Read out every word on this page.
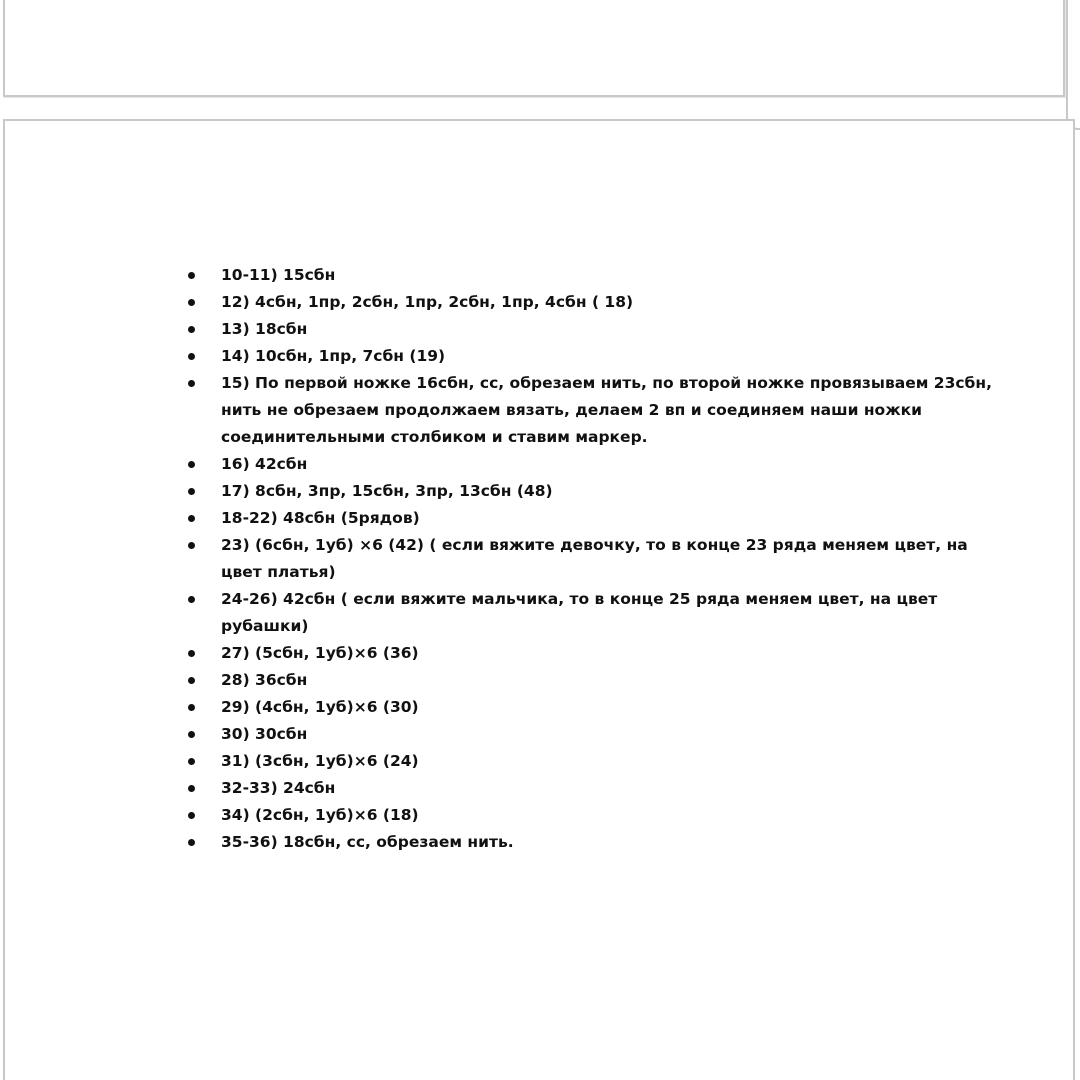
10-11) 15сбн
12) 4сбн, 1пр, 2сбн, 1пр, 2сбн, 1пр, 4сбн ( 18)
13) 18сбн
14) 10сбн, 1пр, 7сбн (19)
15) По первой ножке 16сбн, сс, обрезаем нить, по второй ножке провязываем 23сбн, нить не обрезаем продолжаем вязать, делаем 2 вп и соединяем наши ножки соединительными столбиком и ставим маркер.
16) 42сбн
17) 8сбн, 3пр, 15сбн, 3пр, 13сбн (48)
18-22) 48сбн (5рядов)
23) (6сбн, 1уб) ×6 (42) ( если вяжите девочку, то в конце 23 ряда меняем цвет, на цвет платья)
24-26) 42сбн ( если вяжите мальчика, то в конце 25 ряда меняем цвет, на цвет рубашки)
27) (5сбн, 1уб)×6 (36)
28) 36сбн
29) (4сбн, 1уб)×6 (30)
30) 30сбн
31) (3сбн, 1уб)×6 (24)
32-33) 24сбн
34) (2сбн, 1уб)×6 (18)
35-36) 18сбн, сс, обрезаем нить.
